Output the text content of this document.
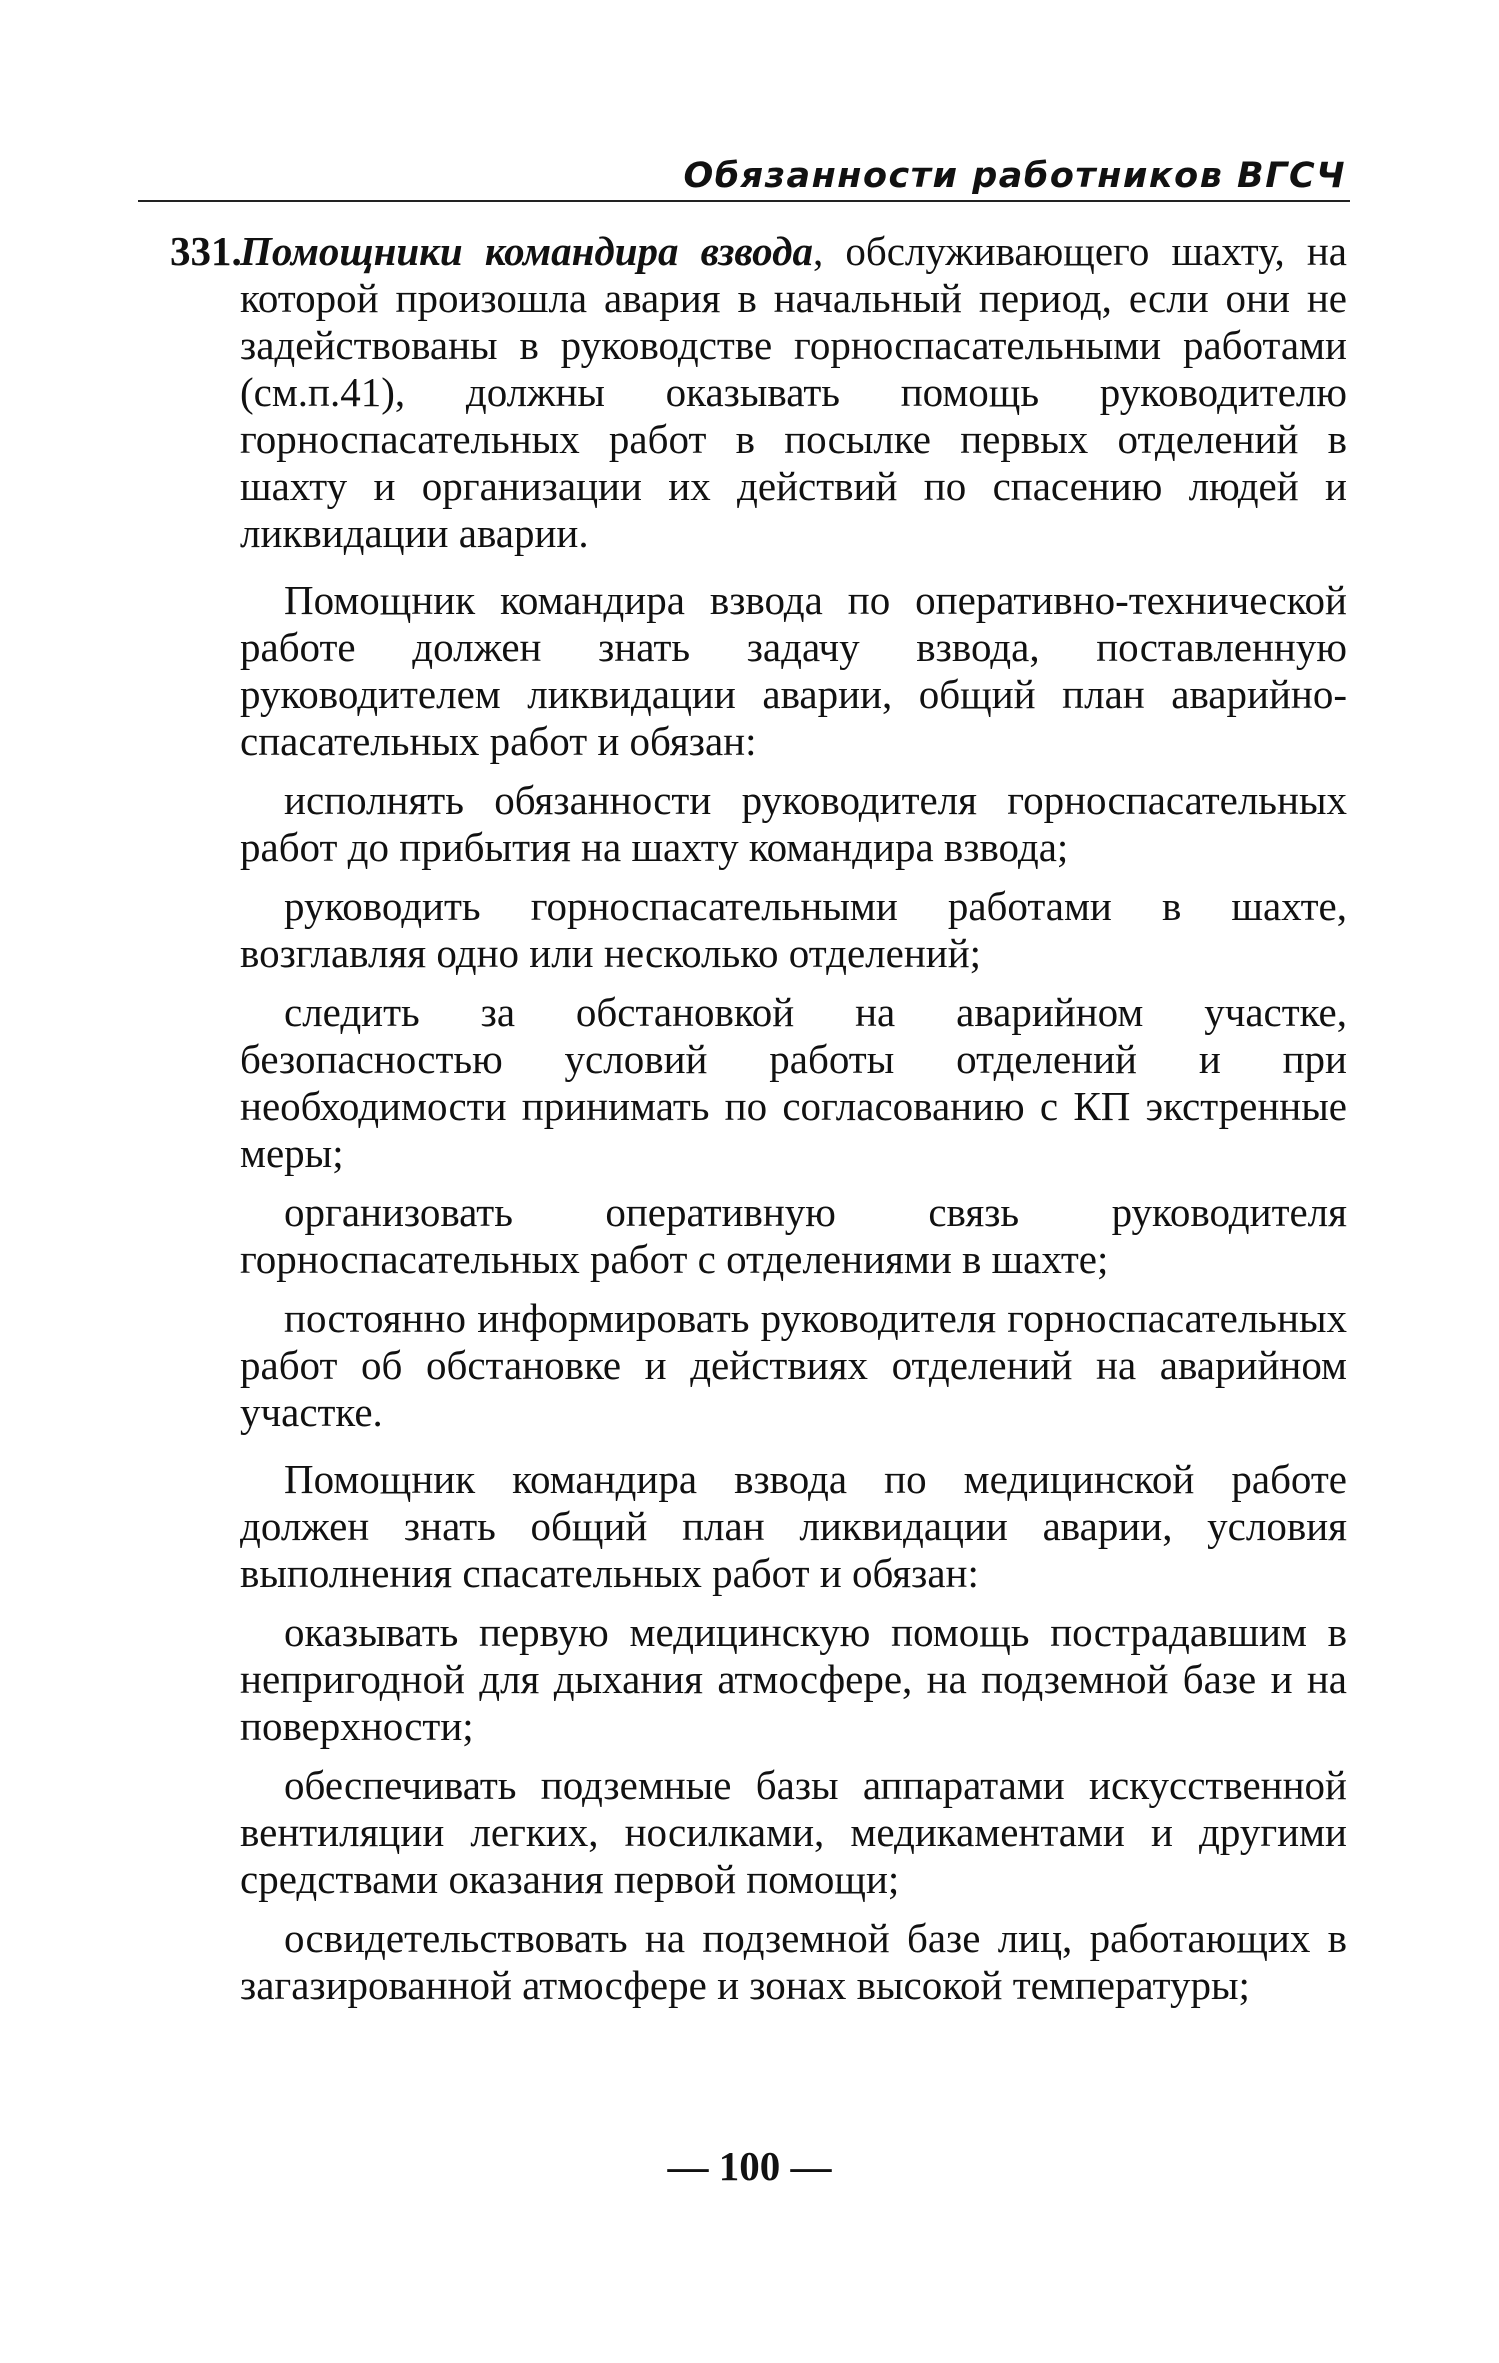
Обязанности работников ВГСЧ

331.
Помощники командира взвода, обслуживающего шахту, на которой произошла авария в начальный период, если они не задействованы в руководстве горноспасательными работами (см.п.41), должны оказывать помощь руководителю горноспасательных работ в посылке первых отделений в шахту и организации их действий по спасению людей и ликвидации аварии.

Помощник командира взвода по оперативно-технической работе должен знать задачу взвода, поставленную руководителем ликвидации аварии, общий план аварийно-спасательных работ и обязан:

исполнять обязанности руководителя горноспасательных работ до прибытия на шахту командира взвода;

руководить горноспасательными работами в шахте, возглавляя одно или несколько отделений;

следить за обстановкой на аварийном участке, безопасностью условий работы отделений и при необходимости принимать по согласованию с КП экстренные меры;

организовать оперативную связь руководителя горноспасательных работ с отделениями в шахте;

постоянно информировать руководителя горноспасательных работ об обстановке и действиях отделений на аварийном участке.

Помощник командира взвода по медицинской работе должен знать общий план ликвидации аварии, условия выполнения спасательных работ и обязан:

оказывать первую медицинскую помощь пострадавшим в непригодной для дыхания атмосфере, на подземной базе и на поверхности;

обеспечивать подземные базы аппаратами искусственной вентиляции легких, носилками, медикаментами и другими средствами оказания первой помощи;

освидетельствовать на подземной базе лиц, работающих в загазированной атмосфере и зонах высокой температуры;

— 100 —
